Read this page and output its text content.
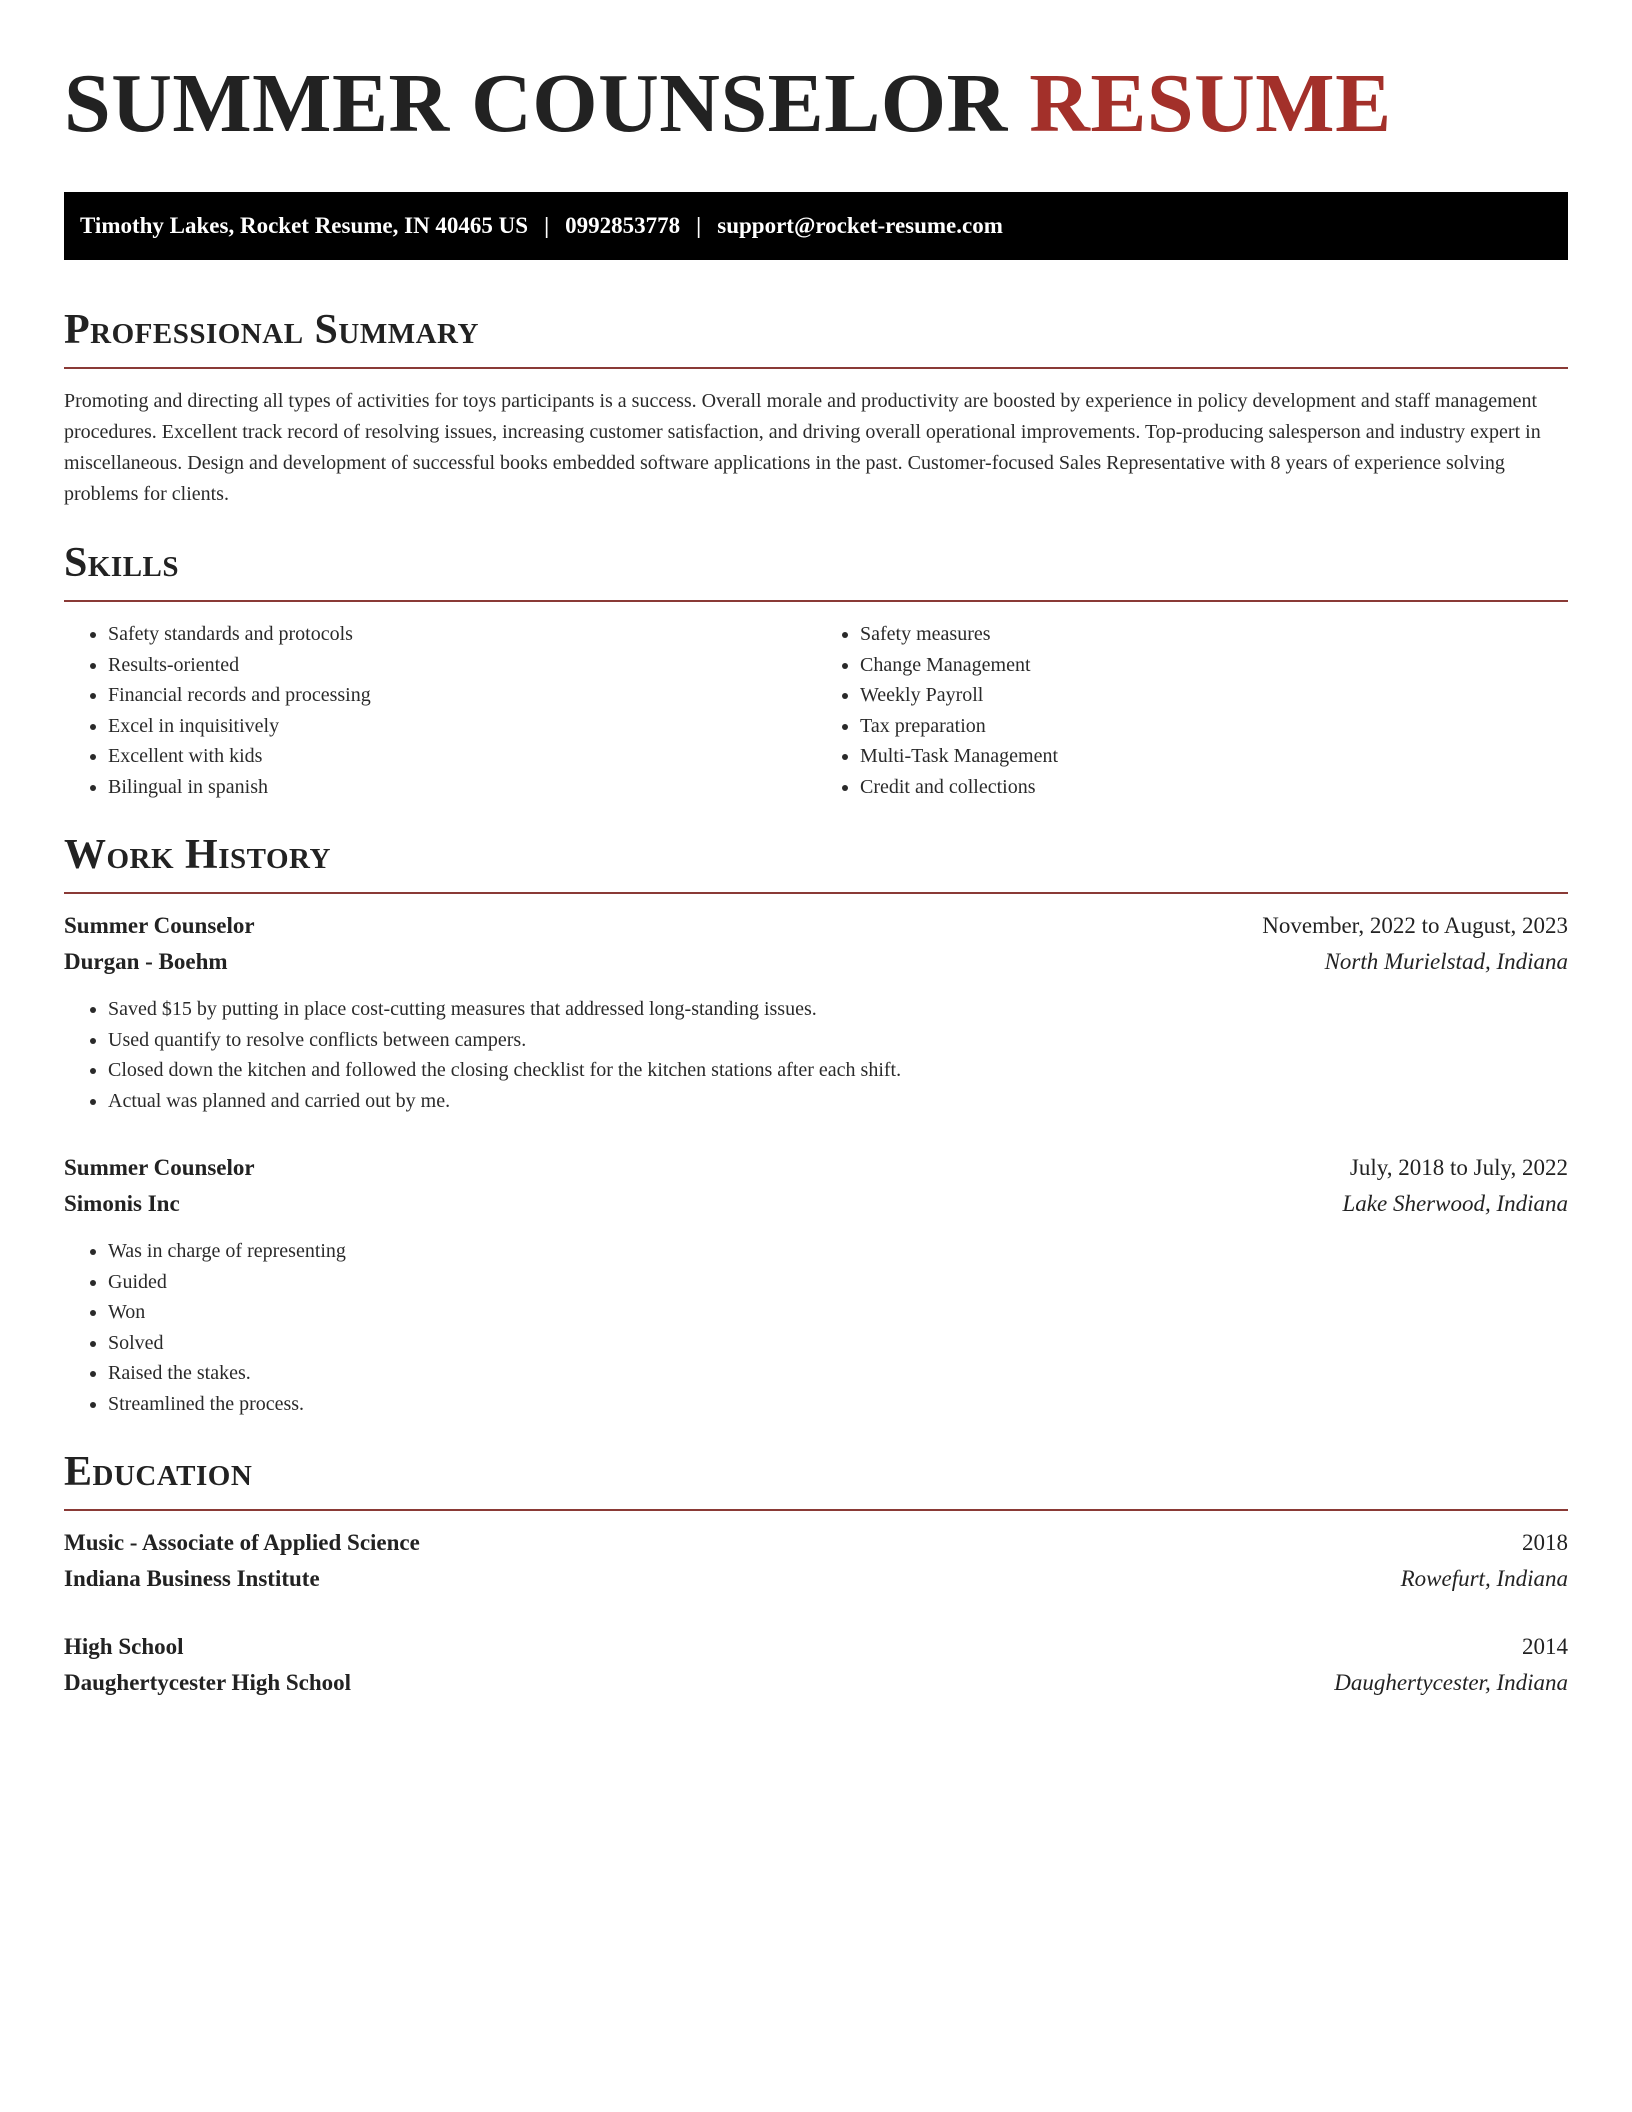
SUMMER COUNSELOR RESUME
Timothy Lakes, Rocket Resume, IN 40465 US | 0992853778 | support@rocket-resume.com
Professional Summary

Promoting and directing all types of activities for toys participants is a success. Overall morale and productivity are boosted by experience in policy development and staff management procedures. Excellent track record of resolving issues, increasing customer satisfaction, and driving overall operational improvements. Top-producing salesperson and industry expert in miscellaneous. Design and development of successful books embedded software applications in the past. Customer-focused Sales Representative with 8 years of experience solving problems for clients.

Skills
• Safety standards and protocols
• Results-oriented
• Financial records and processing
• Excel in inquisitively
• Excellent with kids
• Bilingual in spanish
• Safety measures
• Change Management
• Weekly Payroll
• Tax preparation
• Multi-Task Management
• Credit and collections
Work History
Summer Counselor	November, 2022 to August, 2023
Durgan - Boehm	North Murielstad, Indiana
• Saved $15 by putting in place cost-cutting measures that addressed long-standing issues.
• Used quantify to resolve conflicts between campers.
• Closed down the kitchen and followed the closing checklist for the kitchen stations after each shift.
• Actual was planned and carried out by me.
Summer Counselor	July, 2018 to July, 2022
Simonis Inc	Lake Sherwood, Indiana
• Was in charge of representing
• Guided
• Won
• Solved
• Raised the stakes.
• Streamlined the process.
Education
Music - Associate of Applied Science	2018
Indiana Business Institute	Rowefurt, Indiana
High School	2014
Daughertycester High School	Daughertycester, Indiana
